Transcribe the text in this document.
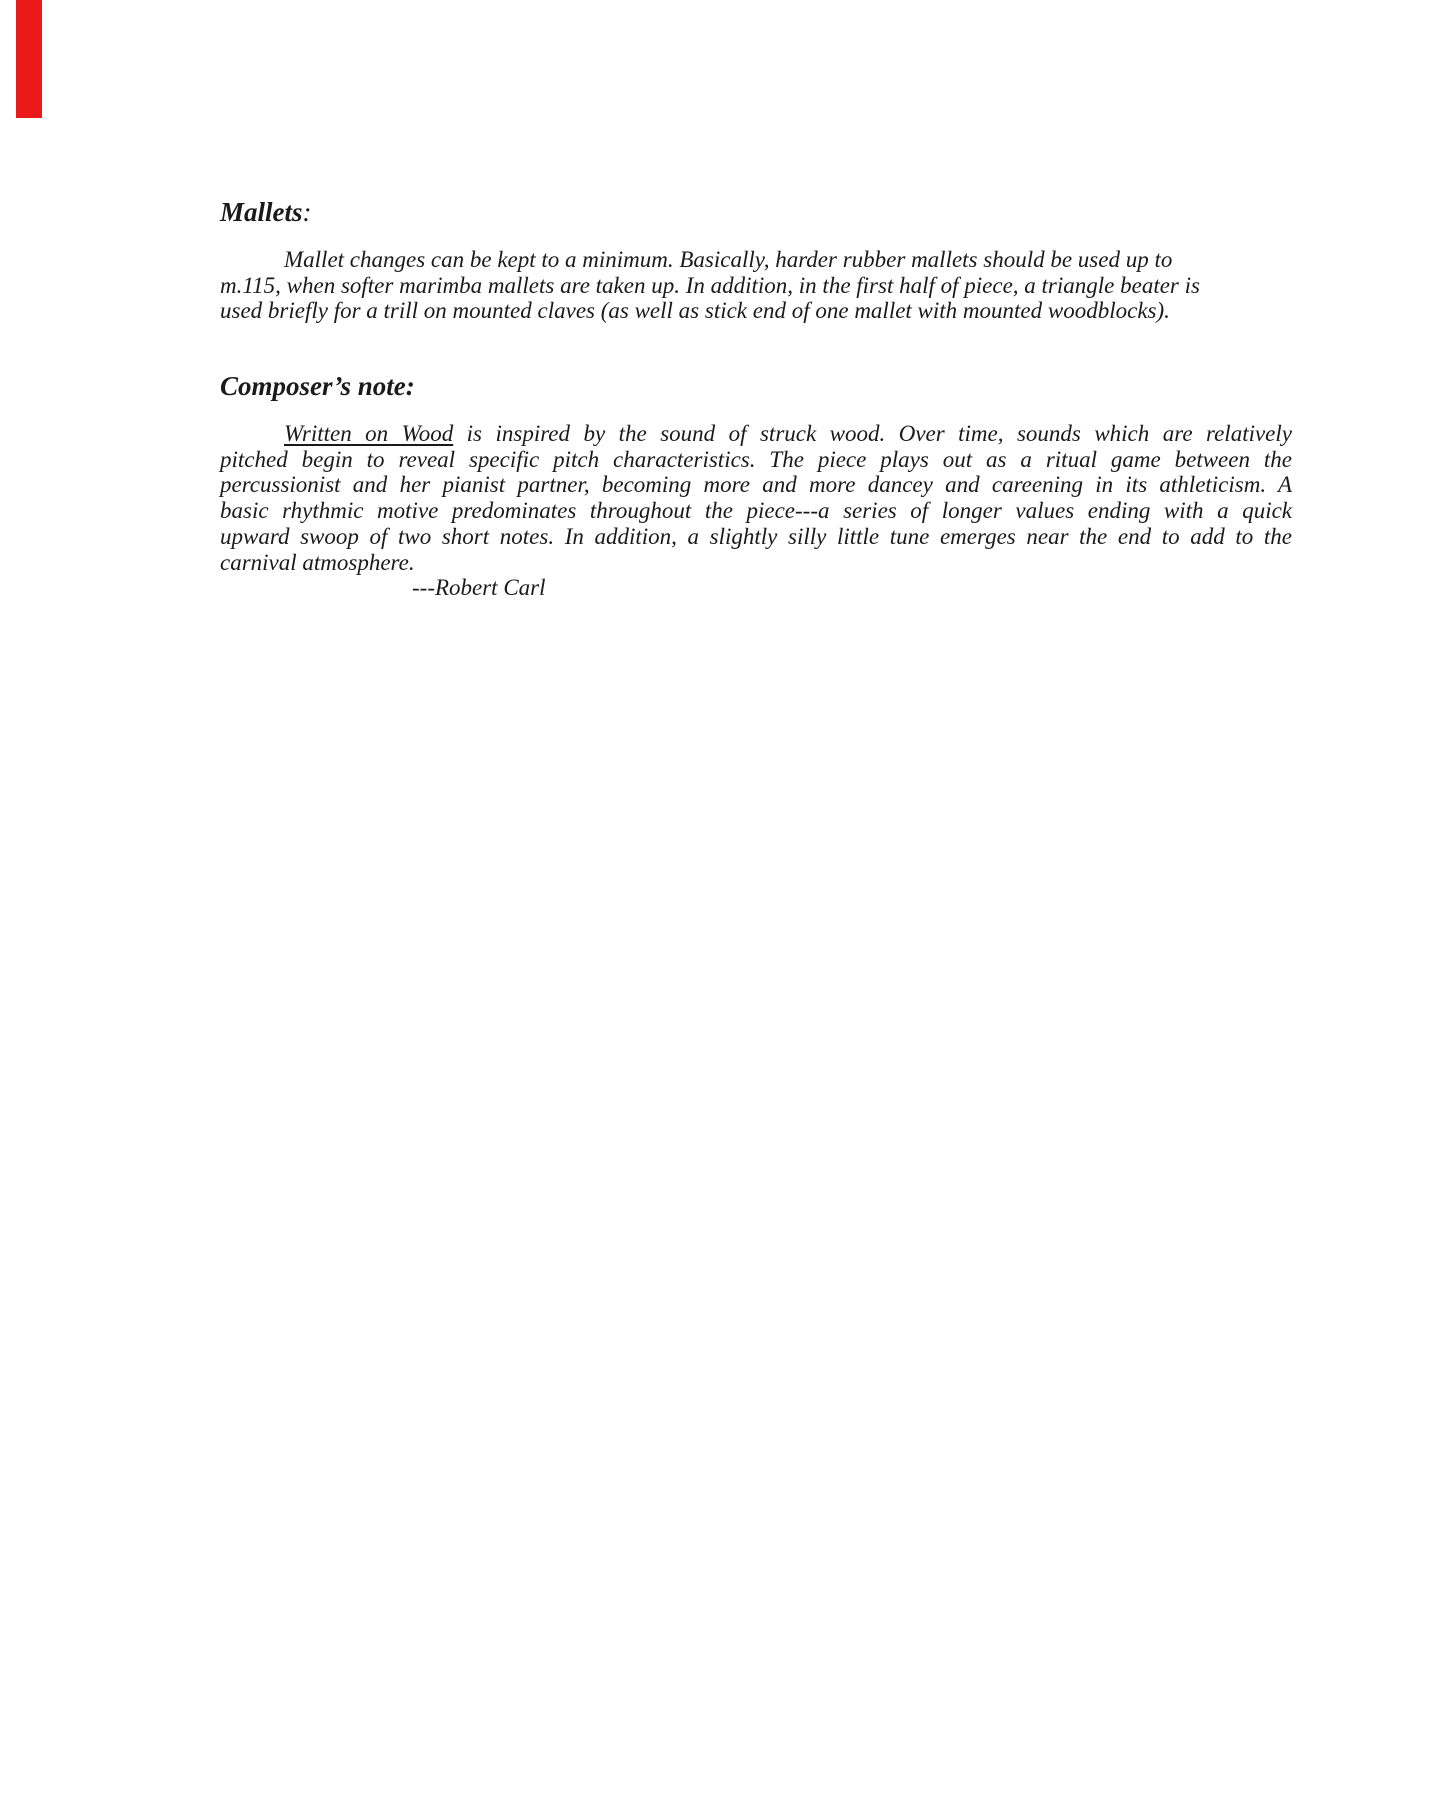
Mallets:
Mallet changes can be kept to a minimum. Basically, harder rubber mallets should be used up to
m.115, when softer marimba mallets are taken up. In addition, in the first half of piece, a triangle beater is
used briefly for a trill on mounted claves (as well as stick end of one mallet with mounted woodblocks).
Composer’s note:
Written on Wood is inspired by the sound of struck wood. Over time, sounds which are relatively
pitched begin to reveal specific pitch characteristics. The piece plays out as a ritual game between the
percussionist and her pianist partner, becoming more and more dancey and careening in its athleticism. A
basic rhythmic motive predominates throughout the piece---a series of longer values ending with a quick
upward swoop of two short notes. In addition, a slightly silly little tune emerges near the end to add to the
carnival atmosphere.
---Robert Carl
